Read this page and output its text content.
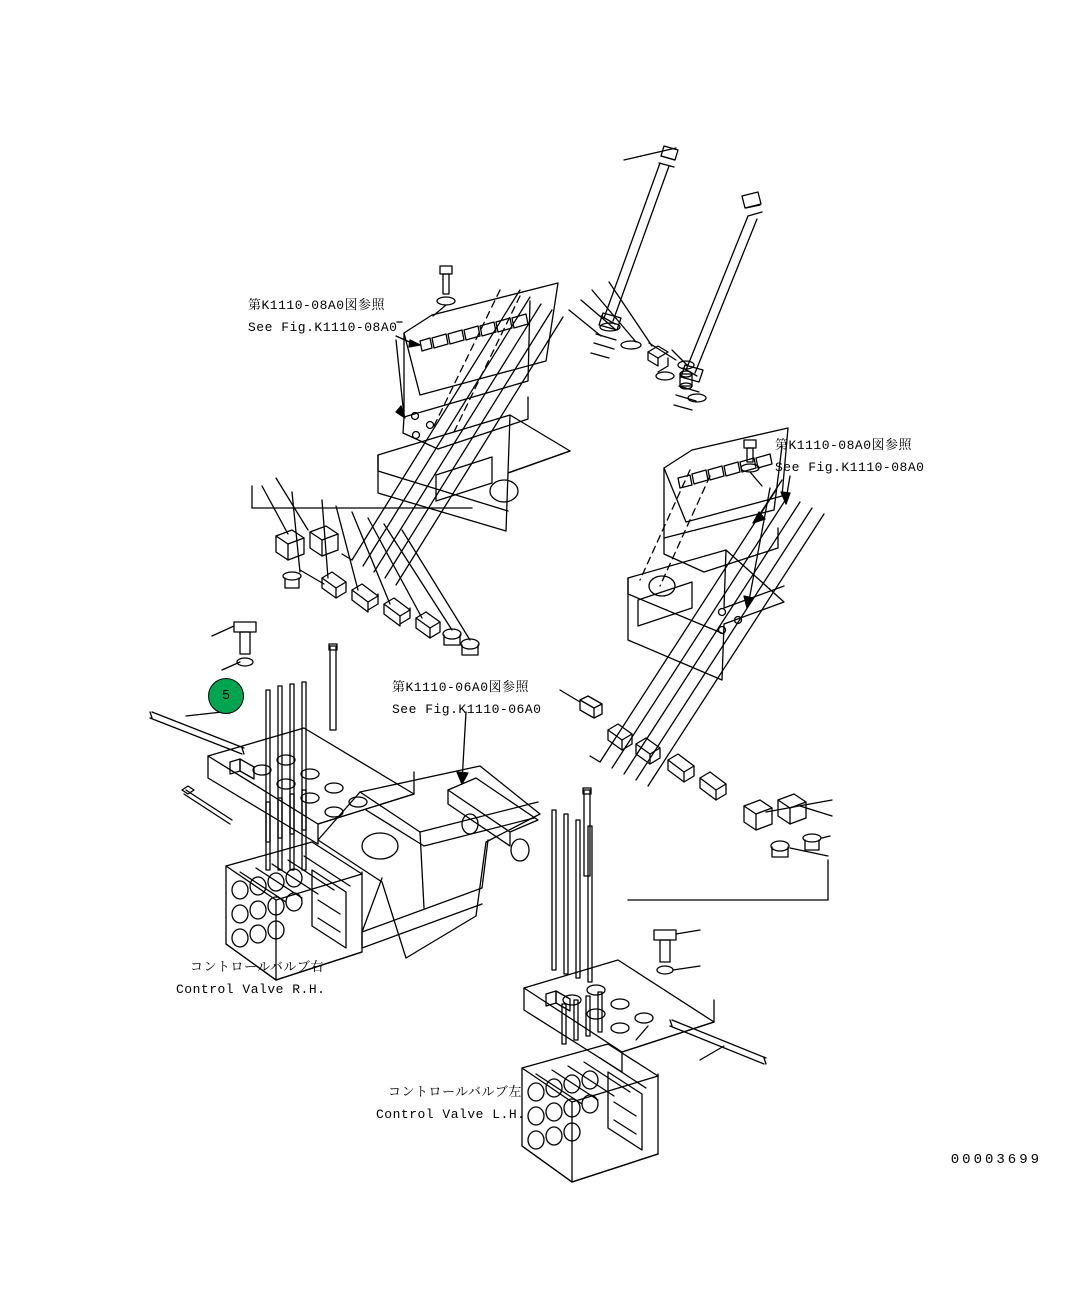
第K1110-08A0図参照
See Fig.K1110-08A0
第K1110-08A0図参照
See Fig.K1110-08A0
第K1110-06A0図参照
See Fig.K1110-06A0
コントロールバルブ右
Control Valve R.H.
コントロールバルブ左
Control Valve L.H.
5
00003699
